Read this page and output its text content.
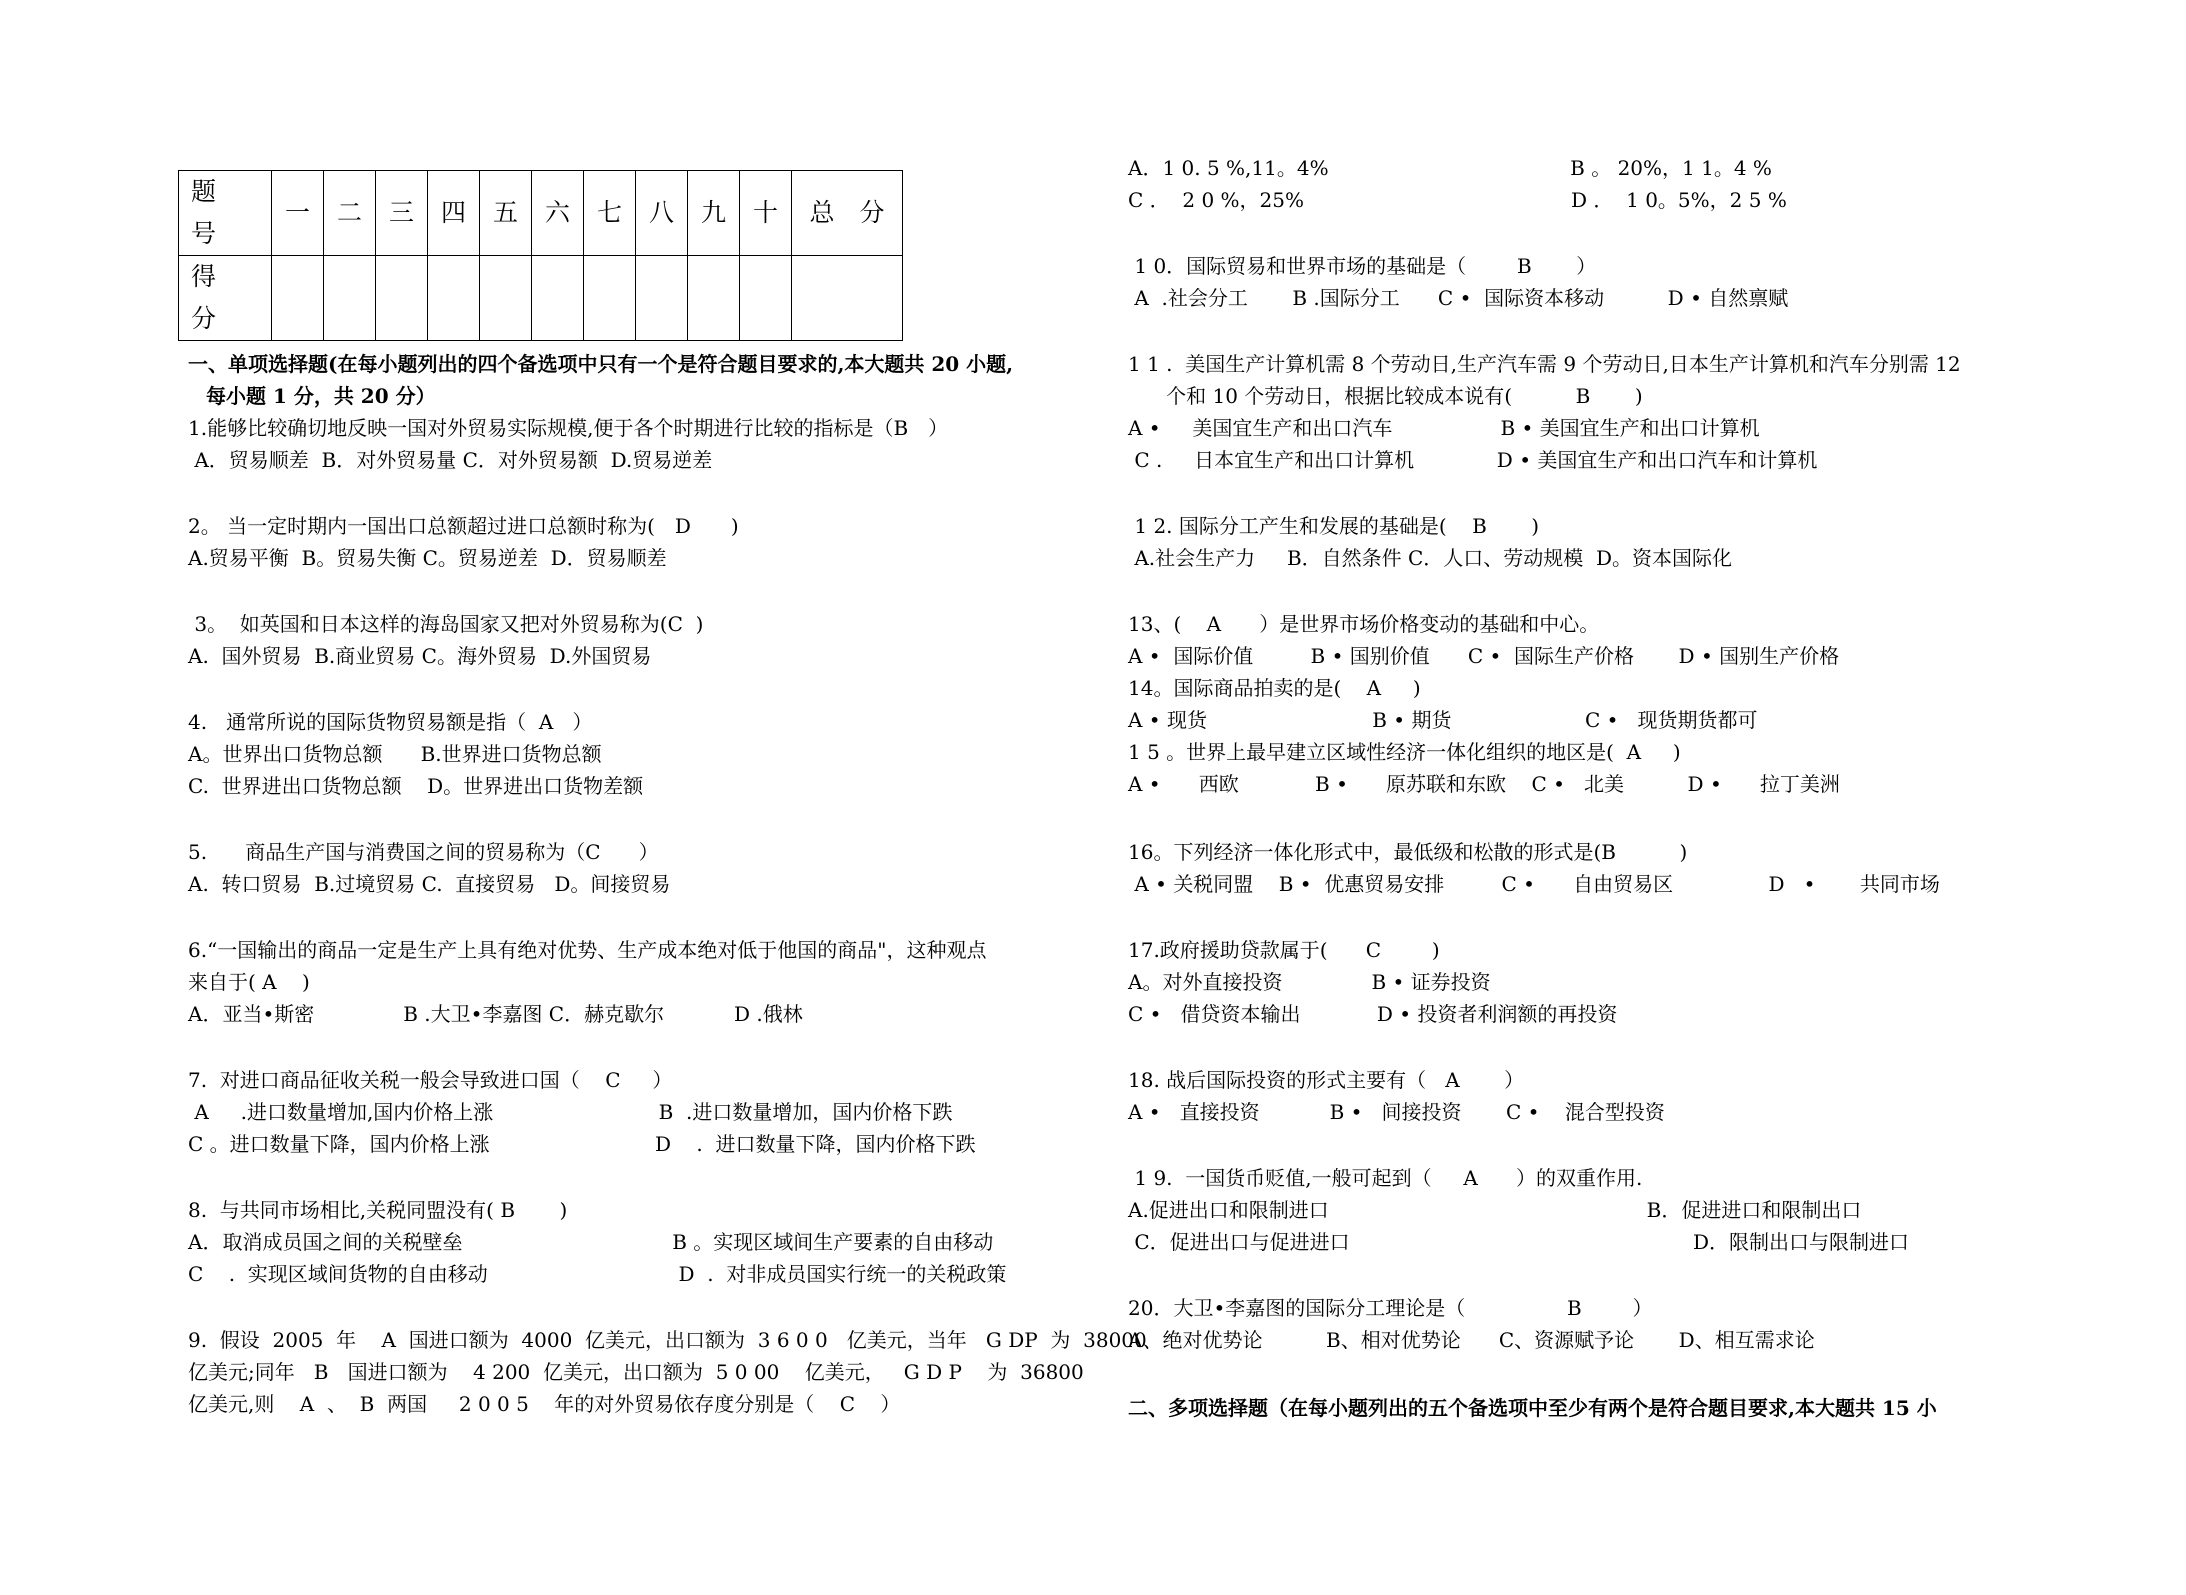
题
号	一	二	三	四	五	六	七	八	九	十	总　分
得
分											
一、单项选择题(在每小题列出的四个备选项中只有一个是符合题目要求的,本大题共 20 小题,
每小题 1 分，共 20 分）
1.能够比较确切地反映一国对外贸易实际规模,便于各个时期进行比较的指标是（B　）
A．贸易顺差  B．对外贸易量 C．对外贸易额  D.贸易逆差
2。 当一定时期内一国出口总额超过进口总额时称为(　D　　)
A.贸易平衡  B。贸易失衡 C。贸易逆差  D．贸易顺差
3。  如英国和日本这样的海岛国家又把对外贸易称为(C  )
A.  国外贸易  B.商业贸易 C。海外贸易  D.外国贸易
4.   通常所说的国际货物贸易额是指（  A   ）
A。世界出口货物总额      B.世界进口货物总额
C.  世界进出口货物总额    D。世界进出口货物差额
5.      商品生产国与消费国之间的贸易称为（C      ）
A.  转口贸易  B.过境贸易 C.  直接贸易   D。间接贸易
6.“一国输出的商品一定是生产上具有绝对优势、生产成本绝对低于他国的商品"，这种观点
来自于( A    )
A．亚当•斯密              B .大卫•李嘉图 C．赫克歇尔           D .俄林
7.  对进口商品征收关税一般会导致进口国（    C     ）
A     .进口数量增加,国内价格上涨                          B  .进口数量增加，国内价格下跌
C 。进口数量下降，国内价格上涨                          D    .  进口数量下降，国内价格下跌
8.  与共同市场相比,关税同盟没有( B       )
A．取消成员国之间的关税壁垒                                 B 。实现区域间生产要素的自由移动
C    .  实现区域间货物的自由移动                              D  .  对非成员国实行统一的关税政策
9.  假设  2005  年    A  国进口额为  4000  亿美元，出口额为  3 6 0 0   亿美元，当年   G DP  为  38000
亿美元;同年   B   国进口额为    4 200  亿美元，出口额为  5 0 00    亿美元，   G D P    为  36800
亿美元,则    A  、  B  两国     2 0 0 5    年的对外贸易依存度分别是（    C    ）
A．1 0. 5 %,11。4%                                      B 。 20%，1 1。4 %
C ．  2 0 %，25%                                          D ．  1 0。5%，2 5 %
1 0．国际贸易和世界市场的基础是（        B       ）
A  .社会分工       B .国际分工      C •  国际资本移动          D • 自然禀赋
1 1 .  美国生产计算机需 8 个劳动日,生产汽车需 9 个劳动日,日本生产计算机和汽车分别需 12
个和 10 个劳动日，根据比较成本说有(          B       )
A •     美国宜生产和出口汽车                 B • 美国宜生产和出口计算机
C .     日本宜生产和出口计算机             D • 美国宜生产和出口汽车和计算机
1 2. 国际分工产生和发展的基础是(    B       )
A.社会生产力     B．自然条件 C．人口、劳动规模  D。资本国际化
13、(    A      ）是世界市场价格变动的基础和中心。
A •  国际价值         B • 国别价值      C •  国际生产价格       D • 国别生产价格
14。国际商品拍卖的是(    A     )
A • 现货                          B • 期货                     C •   现货期货都可
1 5 。世界上最早建立区域性经济一体化组织的地区是(  A     )
A •      西欧            B •      原苏联和东欧    C •   北美          D •      拉丁美洲
16。下列经济一体化形式中，最低级和松散的形式是(B          )
A • 关税同盟    B •  优惠贸易安排         C •      自由贸易区               D   •       共同市场
17.政府援助贷款属于(      C        )
A。对外直接投资              B • 证券投资
C •   借贷资本输出            D • 投资者利润额的再投资
18. 战后国际投资的形式主要有（   A       ）
A •   直接投资           B •   间接投资       C •    混合型投资
1 9.  一国货币贬值,一般可起到（     A      ）的双重作用.
A.促进出口和限制进口                                                  B．促进进口和限制出口
C．促进出口与促进进口                                                      D．限制出口与限制进口
20．大卫•李嘉图的国际分工理论是（                B        ）
A、绝对优势论          B、相对优势论      C、资源赋予论       D、相互需求论
二、多项选择题（在每小题列出的五个备选项中至少有两个是符合题目要求,本大题共 15 小
